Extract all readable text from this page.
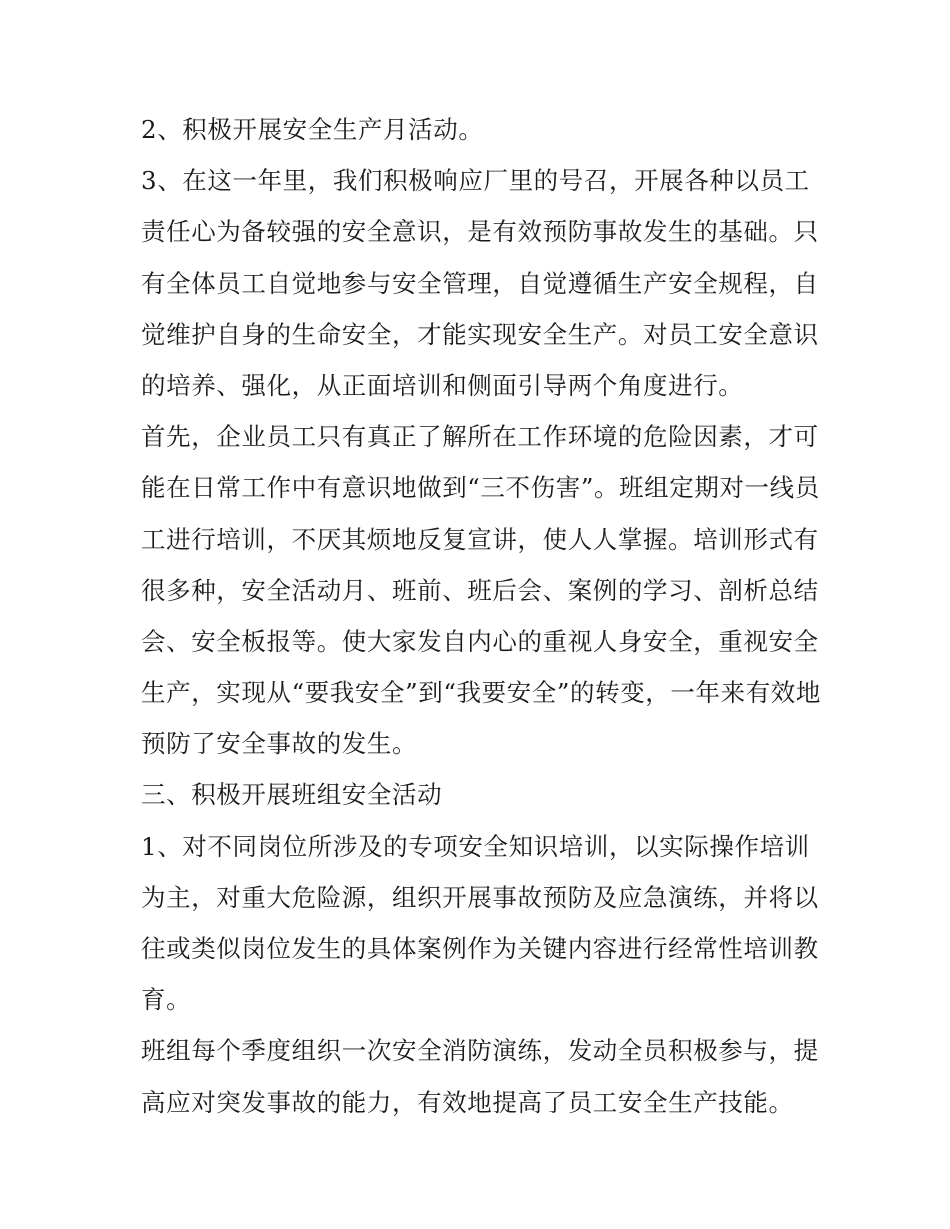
2、积极开展安全生产月活动。
3、在这一年里，我们积极响应厂里的号召，开展各种以员工
责任心为备较强的安全意识，是有效预防事故发生的基础。只
有全体员工自觉地参与安全管理，自觉遵循生产安全规程，自
觉维护自身的生命安全，才能实现安全生产。对员工安全意识
的培养、强化，从正面培训和侧面引导两个角度进行。
首先，企业员工只有真正了解所在工作环境的危险因素，才可
能在日常工作中有意识地做到“三不伤害”。班组定期对一线员
工进行培训，不厌其烦地反复宣讲，使人人掌握。培训形式有
很多种，安全活动月、班前、班后会、案例的学习、剖析总结
会、安全板报等。使大家发自内心的重视人身安全，重视安全
生产，实现从“要我安全”到“我要安全”的转变，一年来有效地
预防了安全事故的发生。
三、积极开展班组安全活动
1、对不同岗位所涉及的专项安全知识培训，以实际操作培训
为主，对重大危险源，组织开展事故预防及应急演练，并将以
往或类似岗位发生的具体案例作为关键内容进行经常性培训教
育。
班组每个季度组织一次安全消防演练，发动全员积极参与，提
高应对突发事故的能力，有效地提高了员工安全生产技能。
